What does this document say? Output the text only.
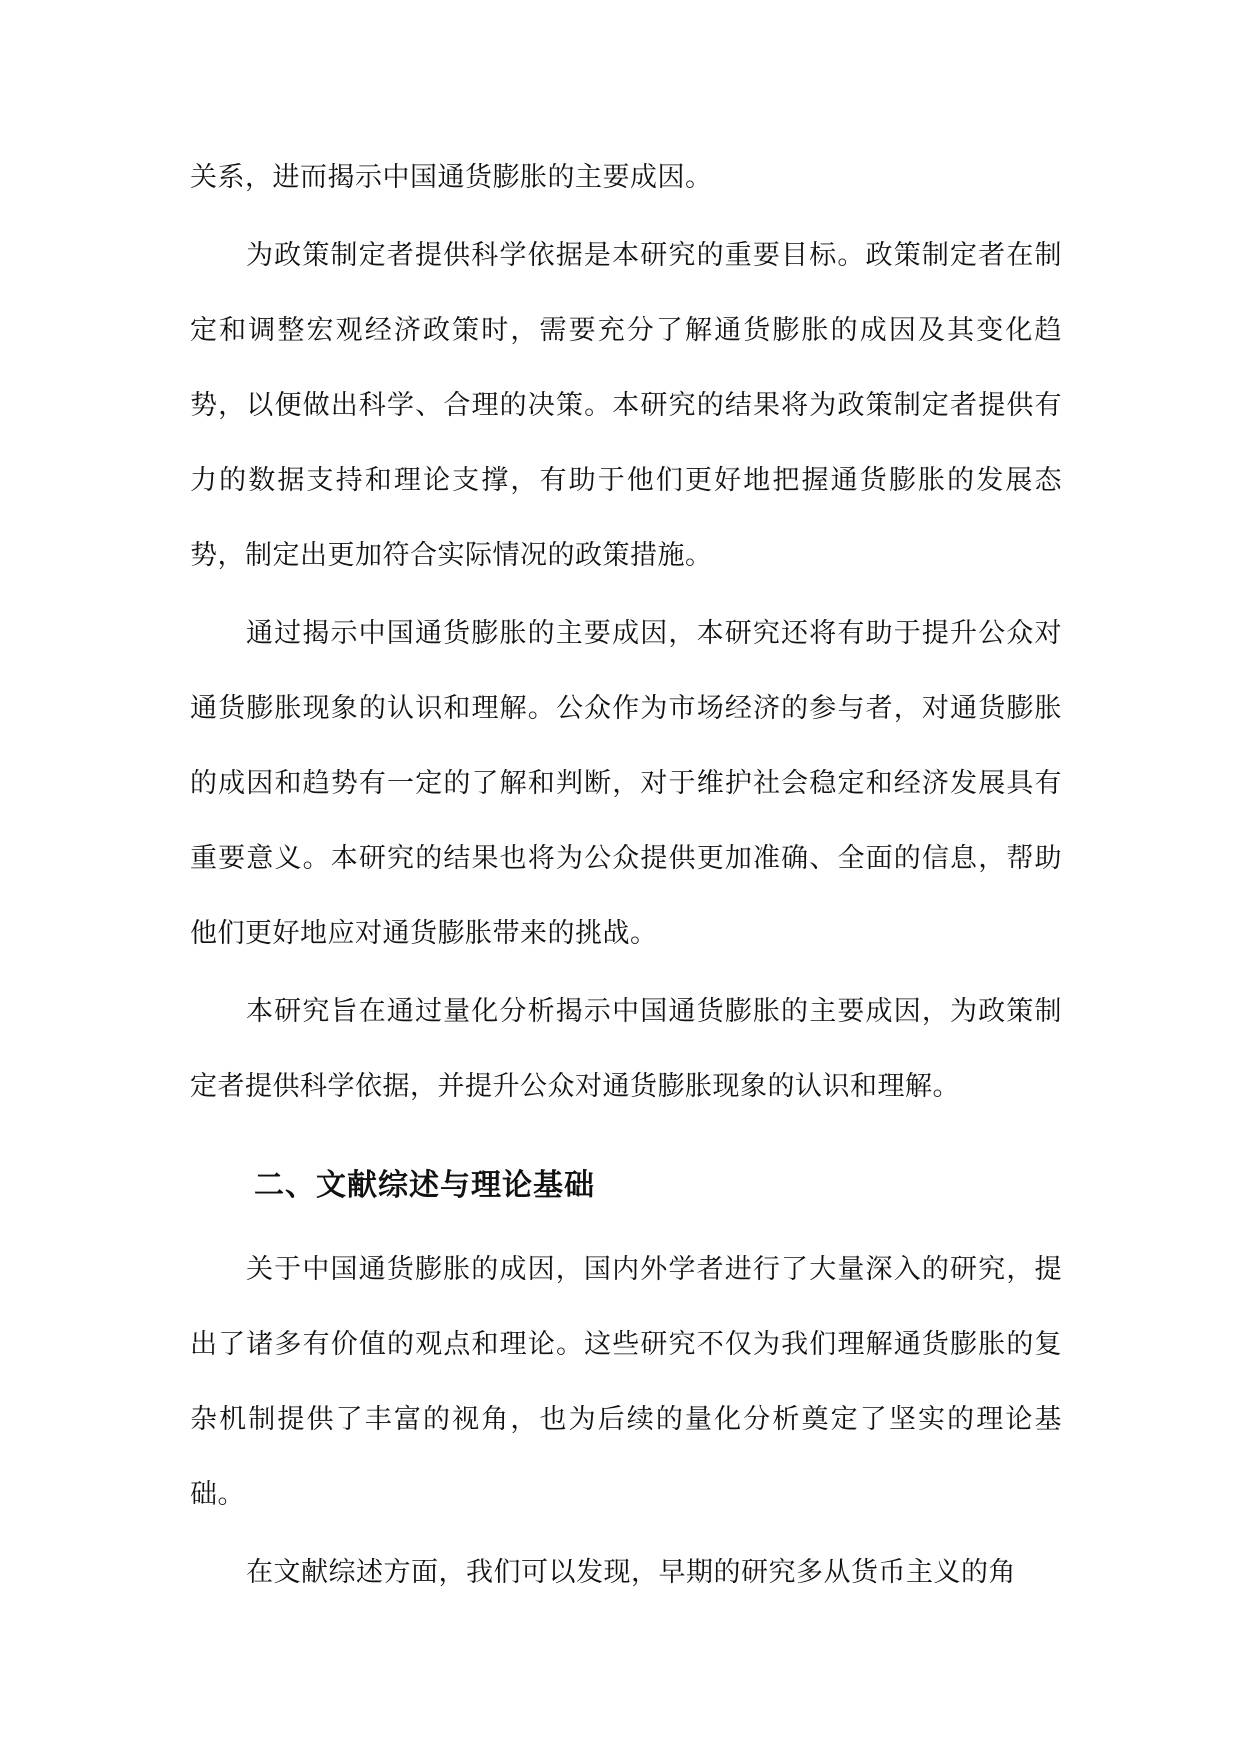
关系，进而揭示中国通货膨胀的主要成因。

为政策制定者提供科学依据是本研究的重要目标。政策制定者在制定和调整宏观经济政策时，需要充分了解通货膨胀的成因及其变化趋势，以便做出科学、合理的决策。本研究的结果将为政策制定者提供有力的数据支持和理论支撑，有助于他们更好地把握通货膨胀的发展态势，制定出更加符合实际情况的政策措施。

通过揭示中国通货膨胀的主要成因，本研究还将有助于提升公众对通货膨胀现象的认识和理解。公众作为市场经济的参与者，对通货膨胀的成因和趋势有一定的了解和判断，对于维护社会稳定和经济发展具有重要意义。本研究的结果也将为公众提供更加准确、全面的信息，帮助他们更好地应对通货膨胀带来的挑战。

本研究旨在通过量化分析揭示中国通货膨胀的主要成因，为政策制定者提供科学依据，并提升公众对通货膨胀现象的认识和理解。

二、文献综述与理论基础

关于中国通货膨胀的成因，国内外学者进行了大量深入的研究，提出了诸多有价值的观点和理论。这些研究不仅为我们理解通货膨胀的复杂机制提供了丰富的视角，也为后续的量化分析奠定了坚实的理论基础。

在文献综述方面，我们可以发现，早期的研究多从货币主义的角
